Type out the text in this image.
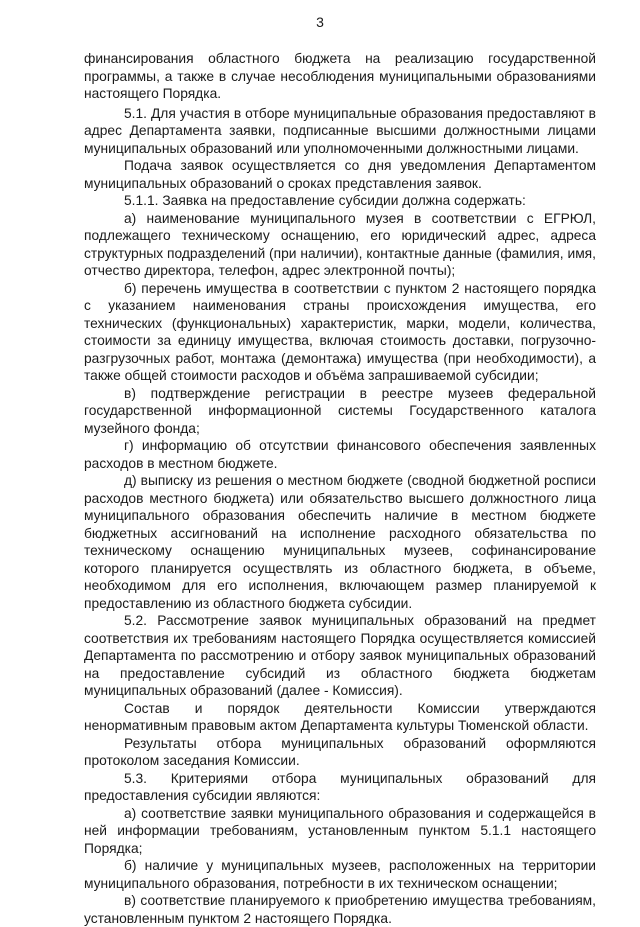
3

финансирования областного бюджета на реализацию государственной программы, а также в случае несоблюдения муниципальными образованиями настоящего Порядка.

5.1. Для участия в отборе муниципальные образования предоставляют в адрес Департамента заявки, подписанные высшими должностными лицами муниципальных образований или уполномоченными должностными лицами.

Подача заявок осуществляется со дня уведомления Департаментом муниципальных образований о сроках представления заявок.

5.1.1. Заявка на предоставление субсидии должна содержать:

а) наименование муниципального музея в соответствии с ЕГРЮЛ, подлежащего техническому оснащению, его юридический адрес, адреса структурных подразделений (при наличии), контактные данные (фамилия, имя, отчество директора, телефон, адрес электронной почты);

б) перечень имущества в соответствии с пунктом 2 настоящего порядка с указанием наименования страны происхождения имущества, его технических (функциональных) характеристик, марки, модели, количества, стоимости за единицу имущества, включая стоимость доставки, погрузочно-разгрузочных работ, монтажа (демонтажа) имущества (при необходимости), а также общей стоимости расходов и объёма запрашиваемой субсидии;

в) подтверждение регистрации в реестре музеев федеральной государственной информационной системы Государственного каталога музейного фонда;

г) информацию об отсутствии финансового обеспечения заявленных расходов в местном бюджете.

д) выписку из решения о местном бюджете (сводной бюджетной росписи расходов местного бюджета) или обязательство высшего должностного лица муниципального образования обеспечить наличие в местном бюджете бюджетных ассигнований на исполнение расходного обязательства по техническому оснащению муниципальных музеев, софинансирование которого планируется осуществлять из областного бюджета, в объеме, необходимом для его исполнения, включающем размер планируемой к предоставлению из областного бюджета субсидии.

5.2. Рассмотрение заявок муниципальных образований на предмет соответствия их требованиям настоящего Порядка осуществляется комиссией Департамента по рассмотрению и отбору заявок муниципальных образований на предоставление субсидий из областного бюджета бюджетам муниципальных образований (далее - Комиссия).

Состав и порядок деятельности Комиссии утверждаются ненормативным правовым актом Департамента культуры Тюменской области.

Результаты отбора муниципальных образований оформляются протоколом заседания Комиссии.

5.3. Критериями отбора муниципальных образований для предоставления субсидии являются:

а) соответствие заявки муниципального образования и содержащейся в ней информации требованиям, установленным пунктом 5.1.1 настоящего Порядка;

б) наличие у муниципальных музеев, расположенных на территории муниципального образования, потребности в их техническом оснащении;

в) соответствие планируемого к приобретению имущества требованиям, установленным пунктом 2 настоящего Порядка.
